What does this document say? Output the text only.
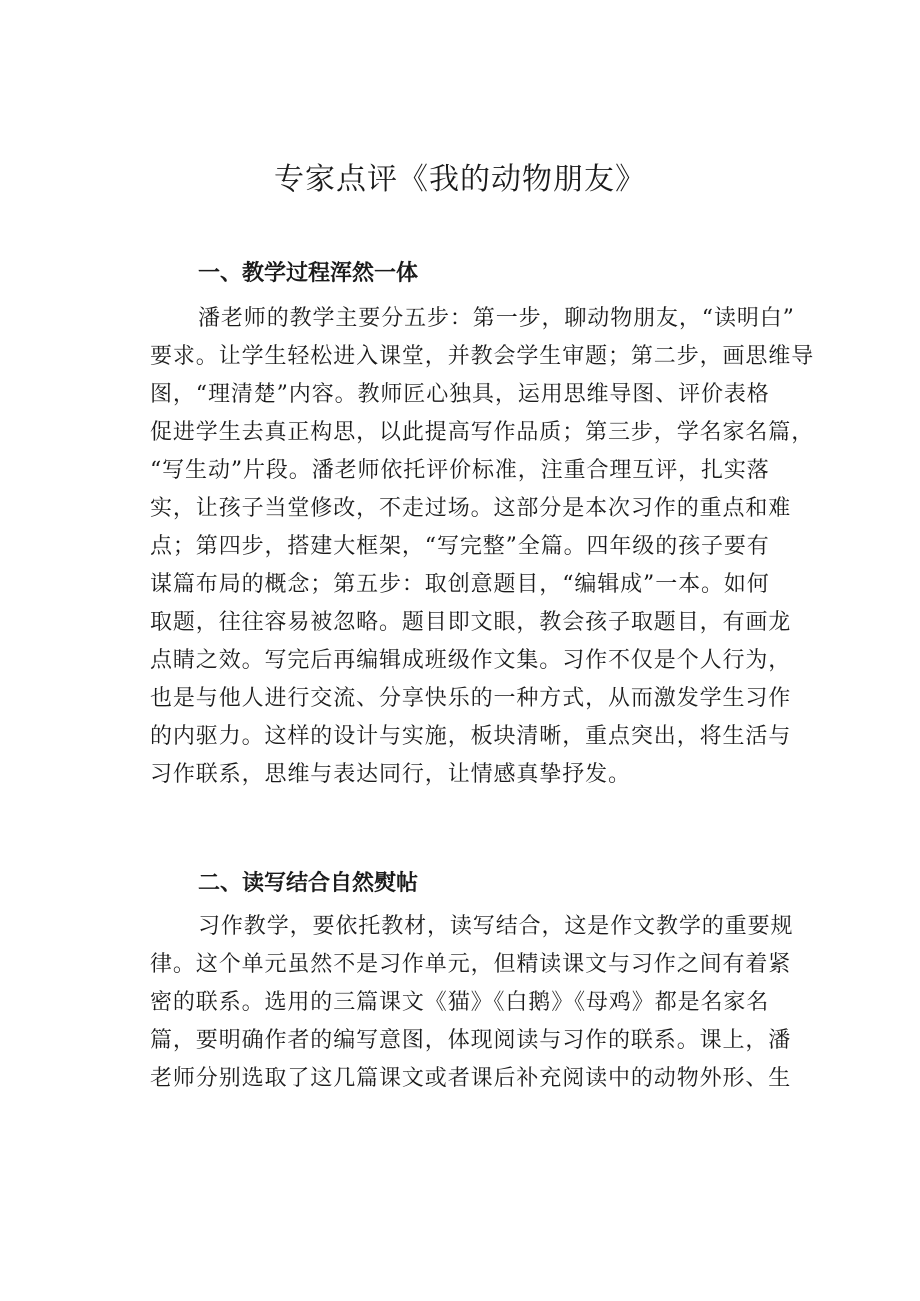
专家点评《我的动物朋友》
一、教学过程浑然一体
潘老师的教学主要分五步：第一步，聊动物朋友，“读明白”
要求。让学生轻松进入课堂，并教会学生审题；第二步，画思维导
图，“理清楚”内容。教师匠心独具，运用思维导图、评价表格
促进学生去真正构思，以此提高写作品质；第三步，学名家名篇，
“写生动”片段。潘老师依托评价标准，注重合理互评，扎实落
实，让孩子当堂修改，不走过场。这部分是本次习作的重点和难
点；第四步，搭建大框架，“写完整”全篇。四年级的孩子要有
谋篇布局的概念；第五步：取创意题目，“编辑成”一本。如何
取题，往往容易被忽略。题目即文眼，教会孩子取题目，有画龙
点睛之效。写完后再编辑成班级作文集。习作不仅是个人行为，
也是与他人进行交流、分享快乐的一种方式，从而激发学生习作
的内驱力。这样的设计与实施，板块清晰，重点突出，将生活与
习作联系，思维与表达同行，让情感真挚抒发。
二、读写结合自然熨帖
习作教学，要依托教材，读写结合，这是作文教学的重要规
律。这个单元虽然不是习作单元，但精读课文与习作之间有着紧
密的联系。选用的三篇课文《猫》《白鹅》《母鸡》都是名家名
篇，要明确作者的编写意图，体现阅读与习作的联系。课上，潘
老师分别选取了这几篇课文或者课后补充阅读中的动物外形、生
